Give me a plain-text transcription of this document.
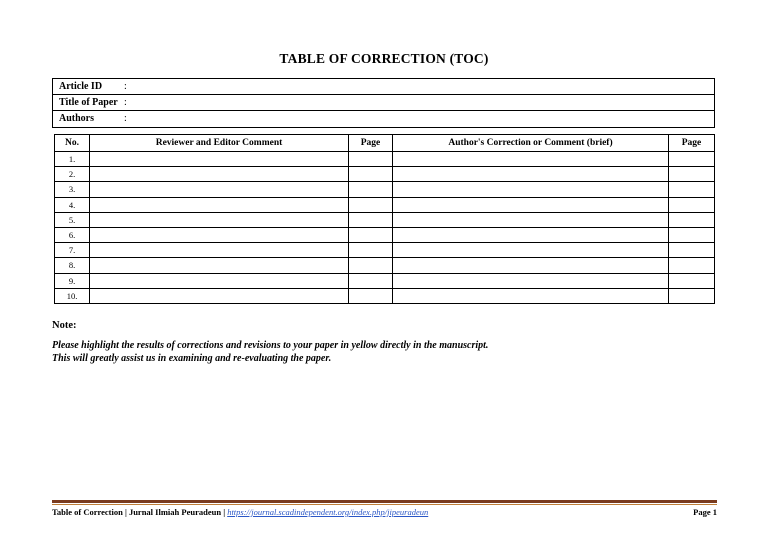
TABLE OF CORRECTION (TOC)
Article ID :
Title of Paper :
Authors	:
No.	Reviewer and Editor Comment	Page	Author's Correction or Comment (brief)	Page
1.				
2.				
3.				
4.				
5.				
6.				
7.				
8.				
9.				
10.				
Note:
Please highlight the results of corrections and revisions to your paper in yellow directly in the manuscript.
This will greatly assist us in examining and re-evaluating the paper.
Table of Correction | Jurnal Ilmiah Peuradeun | https://journal.scadindependent.org/index.php/jipeuradeun	Page 1
